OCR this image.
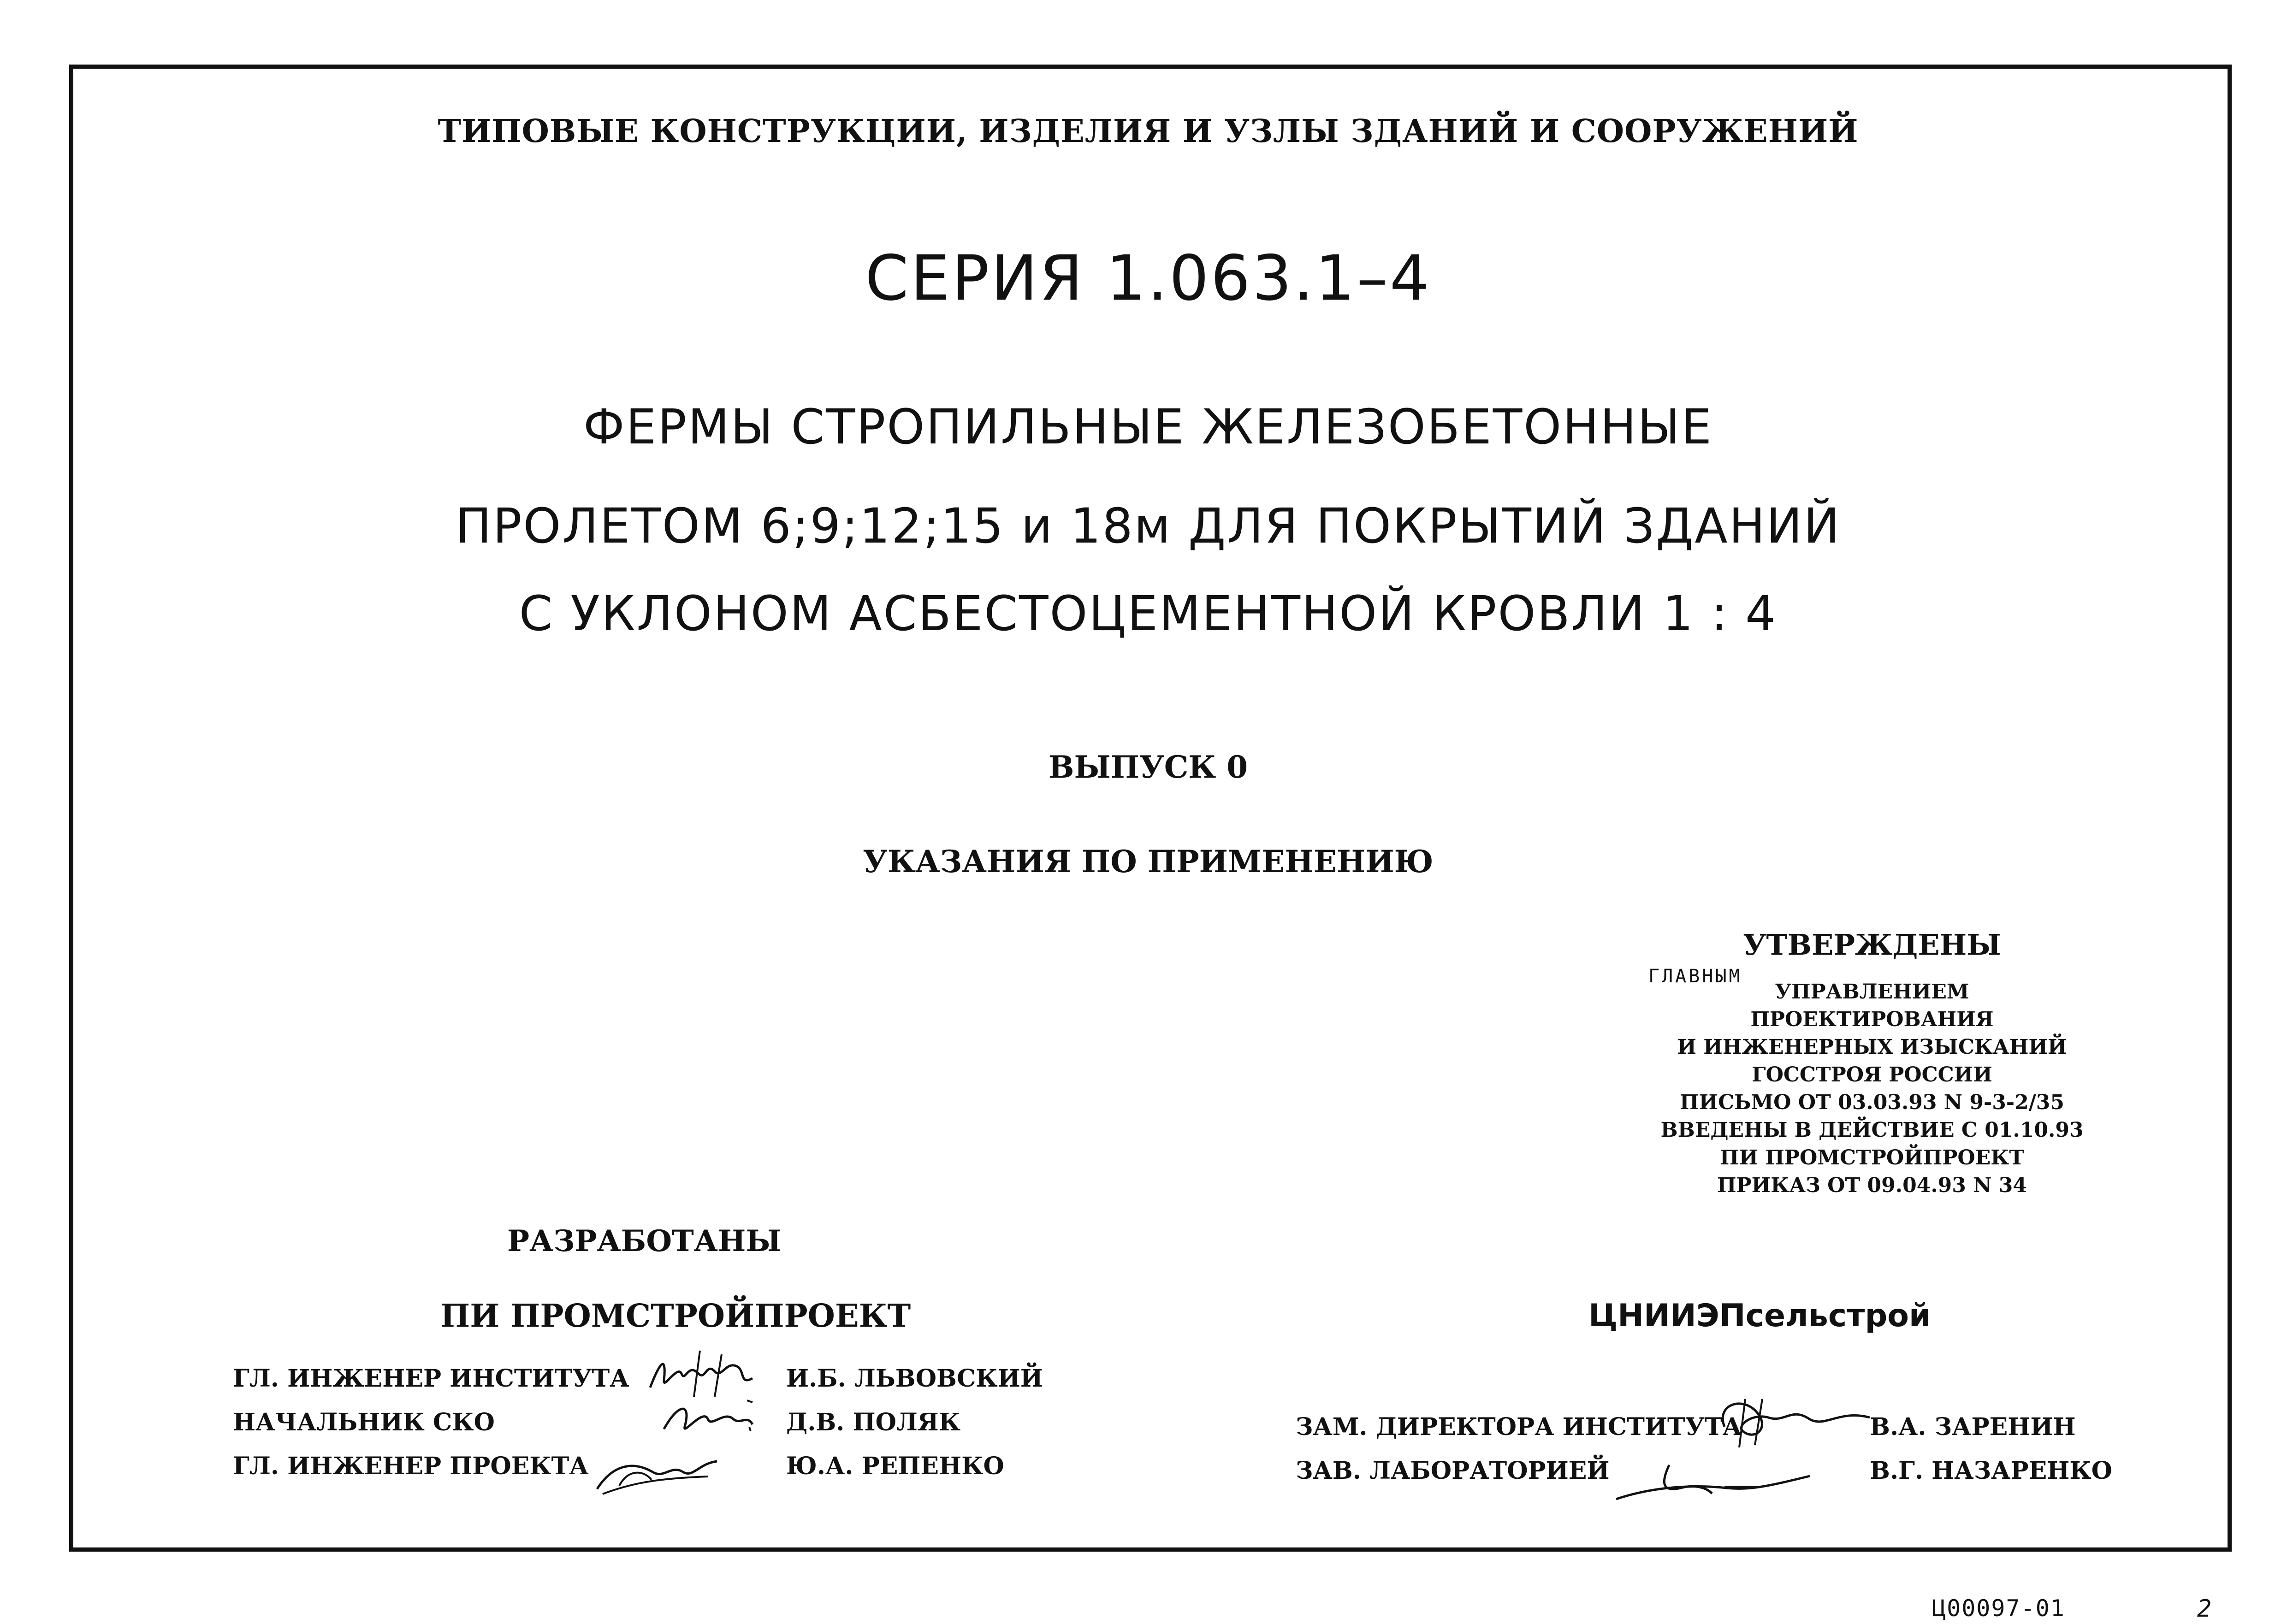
ТИПОВЫЕ КОНСТРУКЦИИ, ИЗДЕЛИЯ И УЗЛЫ ЗДАНИЙ И СООРУЖЕНИЙ
СЕРИЯ 1.063.1–4
ФЕРМЫ СТРОПИЛЬНЫЕ ЖЕЛЕЗОБЕТОННЫЕ
ПРОЛЕТОМ 6;9;12;15 и 18м ДЛЯ ПОКРЫТИЙ ЗДАНИЙ
С УКЛОНОМ АСБЕСТОЦЕМЕНТНОЙ КРОВЛИ 1 : 4
ВЫПУСК 0
УКАЗАНИЯ ПО ПРИМЕНЕНИЮ
УТВЕРЖДЕНЫ
УПРАВЛЕНИЕМ ПРОЕКТИРОВАНИЯ
И ИНЖЕНЕРНЫХ ИЗЫСКАНИЙ
ГОССТРОЯ РОССИИ
ПИСЬМО ОТ 03.03.93 N 9-3-2/35
ВВЕДЕНЫ В ДЕЙСТВИЕ С 01.10.93
ПИ ПРОМСТРОЙПРОЕКТ
ПРИКАЗ ОТ 09.04.93 N 34
ГЛАВНЫМ
РАЗРАБОТАНЫ
ПИ ПРОМСТРОЙПРОЕКТ	ЦНИИЭПсельстрой
ГЛ. ИНЖЕНЕР ИНСТИТУТА	И.Б. ЛЬВОВСКИЙ
НАЧАЛЬНИК СКО	Д.В. ПОЛЯК
ГЛ. ИНЖЕНЕР ПРОЕКТА	Ю.А. РЕПЕНКО
ЗАМ. ДИРЕКТОРА ИНСТИТУТА	В.А. ЗАРЕНИН
ЗАВ. ЛАБОРАТОРИЕЙ	В.Г. НАЗАРЕНКО
Ц00097-01	2
